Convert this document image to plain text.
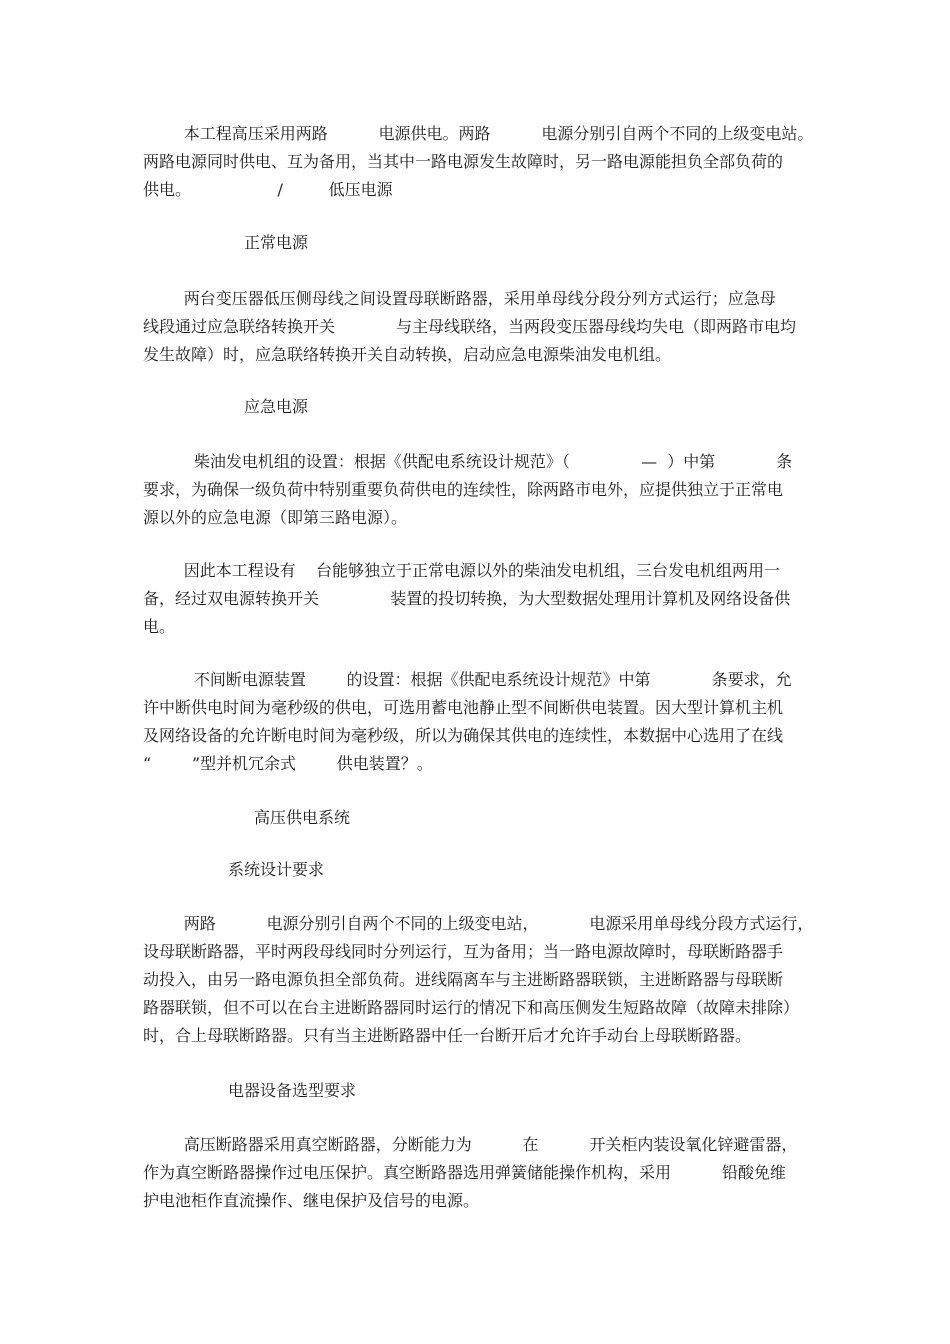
本工程高压采用两路          电源供电。两路          电源分别引自两个不同的上级变电站。
两路电源同时供电、互为备用，当其中一路电源发生故障时，另一路电源能担负全部负荷的
供电。                 /         低压电源
正常电源
两台变压器低压侧母线之间设置母联断路器，采用单母线分段分列方式运行；应急母
线段通过应急联络转换开关            与主母线联络，当两段变压器母线均失电（即两路市电均
发生故障）时，应急联络转换开关自动转换，启动应急电源柴油发电机组。
应急电源
柴油发电机组的设置：根据《供配电系统设计规范》（              —  ）中第            条
要求，为确保一级负荷中特别重要负荷供电的连续性，除两路市电外，应提供独立于正常电
源以外的应急电源（即第三路电源）。
因此本工程设有    台能够独立于正常电源以外的柴油发电机组，三台发电机组两用一
备，经过双电源转换开关              装置的投切转换，为大型数据处理用计算机及网络设备供
电。
不间断电源装置        的设置：根据《供配电系统设计规范》中第            条要求，允
许中断供电时间为毫秒级的供电，可选用蓄电池静止型不间断供电装置。因大型计算机主机
及网络设备的允许断电时间为毫秒级，所以为确保其供电的连续性，本数据中心选用了在线
“        ”型并机冗余式        供电装置？。
高压供电系统
系统设计要求
两路          电源分别引自两个不同的上级变电站，          电源采用单母线分段方式运行，
设母联断路器，平时两段母线同时分列运行，互为备用；当一路电源故障时，母联断路器手
动投入，由另一路电源负担全部负荷。进线隔离车与主进断路器联锁，主进断路器与母联断
路器联锁，但不可以在台主进断路器同时运行的情况下和高压侧发生短路故障（故障未排除）
时，合上母联断路器。只有当主进断路器中任一台断开后才允许手动台上母联断路器。
电器设备选型要求
高压断路器采用真空断路器，分断能力为          在          开关柜内装设氧化锌避雷器，
作为真空断路器操作过电压保护。真空断路器选用弹簧储能操作机构，采用          铅酸免维
护电池柜作直流操作、继电保护及信号的电源。
